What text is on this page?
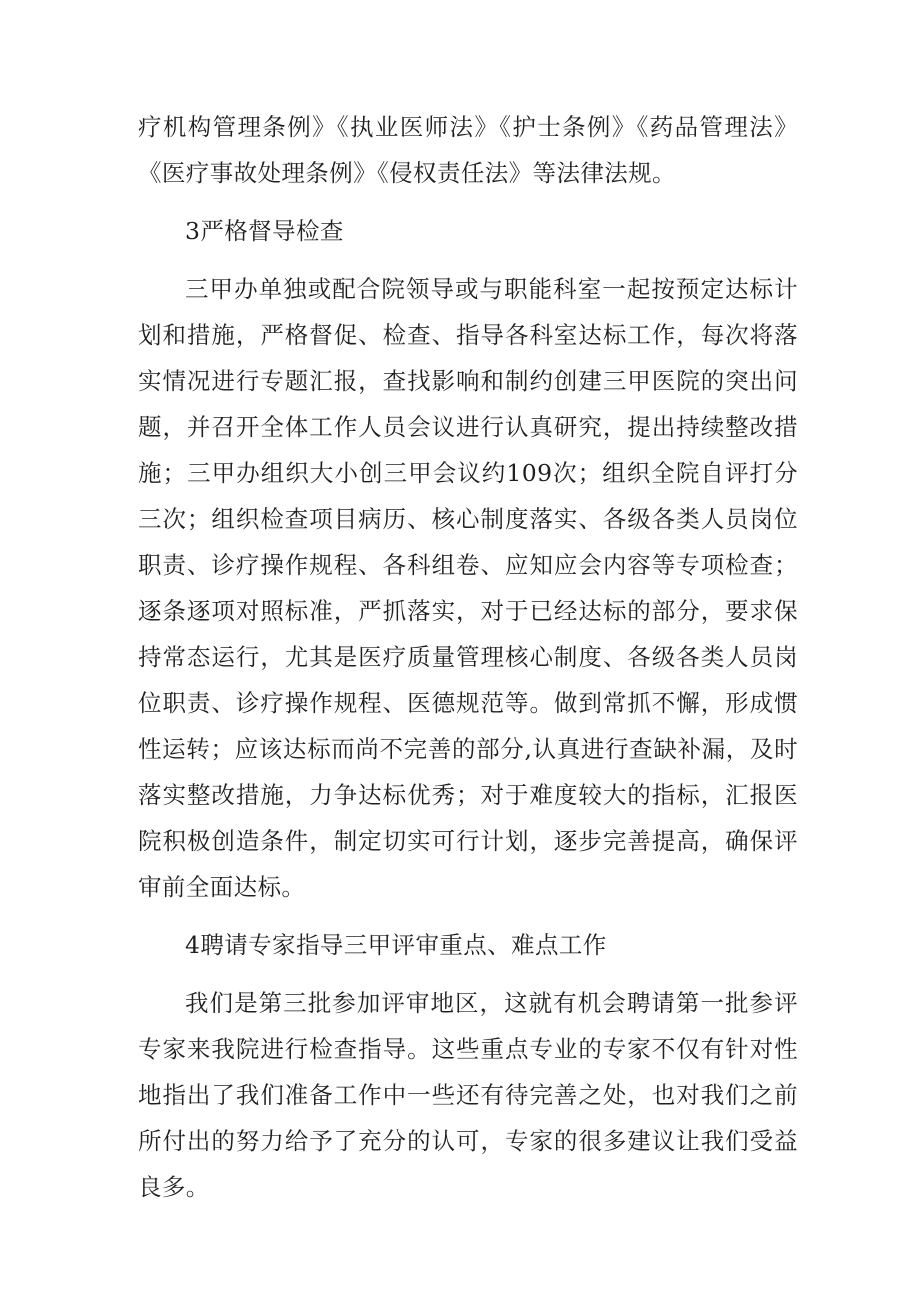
疗机构管理条例》《执业医师法》《护士条例》《药品管理法》《医疗事故处理条例》《侵权责任法》等法律法规。

3严格督导检查

三甲办单独或配合院领导或与职能科室一起按预定达标计划和措施，严格督促、检查、指导各科室达标工作，每次将落实情况进行专题汇报，查找影响和制约创建三甲医院的突出问题，并召开全体工作人员会议进行认真研究，提出持续整改措施；三甲办组织大小创三甲会议约109次；组织全院自评打分三次；组织检查项目病历、核心制度落实、各级各类人员岗位职责、诊疗操作规程、各科组卷、应知应会内容等专项检查；逐条逐项对照标准，严抓落实，对于已经达标的部分，要求保持常态运行，尤其是医疗质量管理核心制度、各级各类人员岗位职责、诊疗操作规程、医德规范等。做到常抓不懈，形成惯性运转；应该达标而尚不完善的部分,认真进行查缺补漏，及时落实整改措施，力争达标优秀；对于难度较大的指标，汇报医院积极创造条件，制定切实可行计划，逐步完善提高，确保评审前全面达标。

4聘请专家指导三甲评审重点、难点工作

我们是第三批参加评审地区，这就有机会聘请第一批参评专家来我院进行检查指导。这些重点专业的专家不仅有针对性地指出了我们准备工作中一些还有待完善之处，也对我们之前所付出的努力给予了充分的认可，专家的很多建议让我们受益良多。
